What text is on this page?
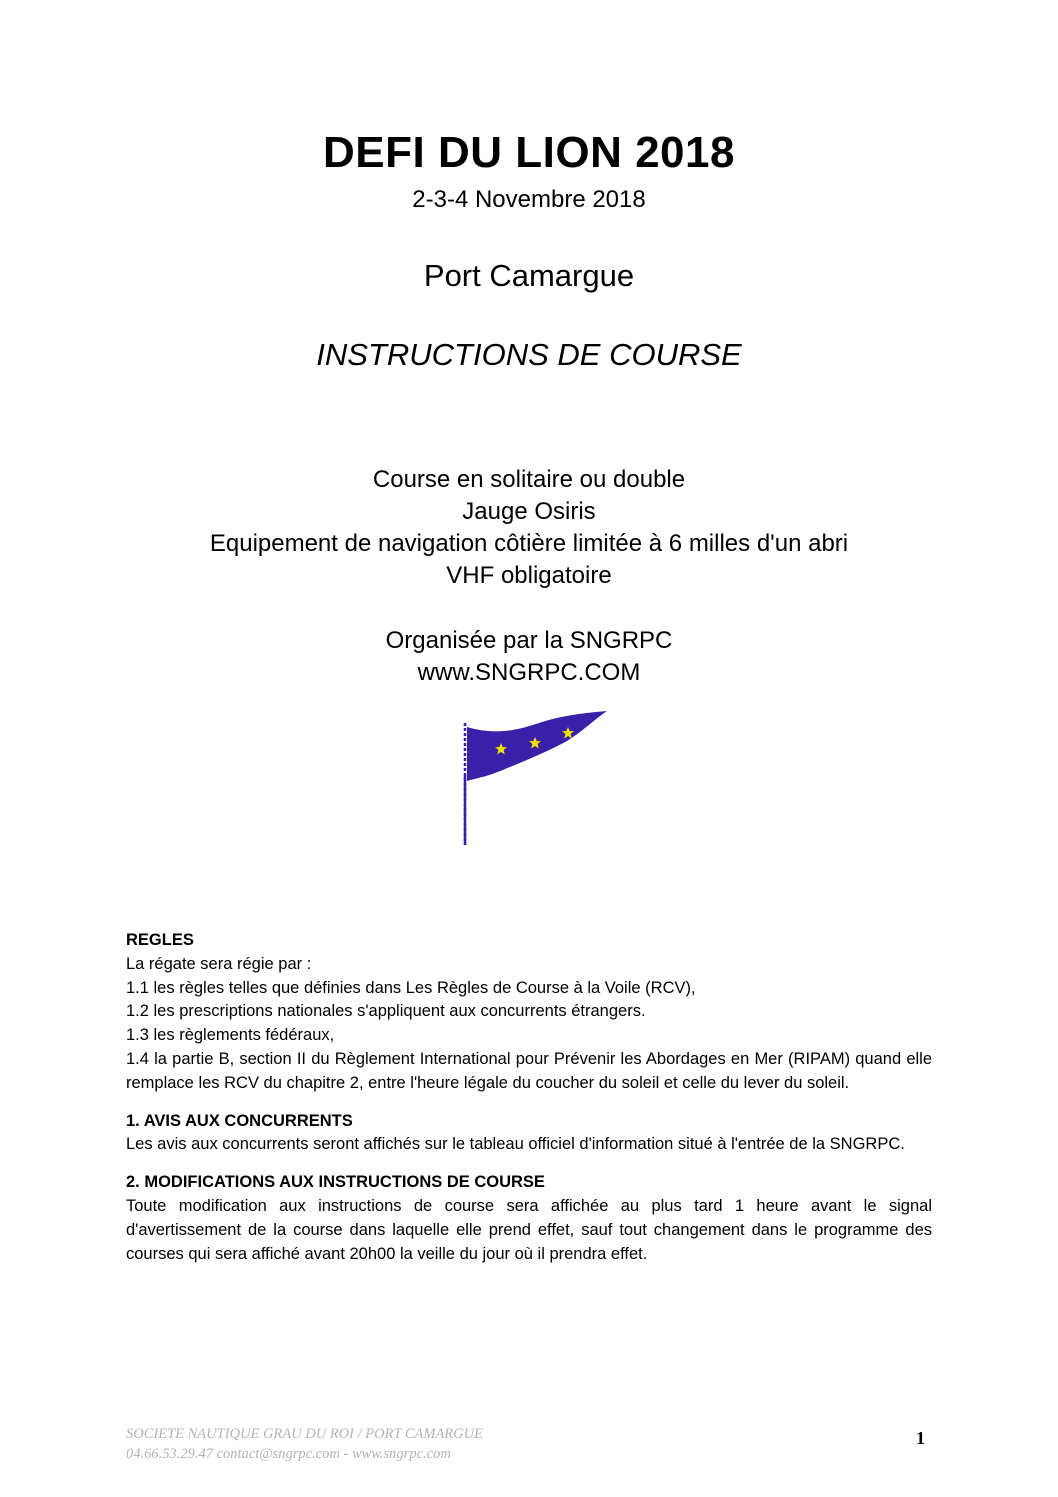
DEFI DU LION 2018
2-3-4 Novembre 2018
Port Camargue
INSTRUCTIONS DE COURSE
Course en solitaire ou double
Jauge Osiris
Equipement de navigation côtière limitée à 6 milles d'un abri
VHF obligatoire
Organisée par la SNGRPC
www.SNGRPC.COM

REGLES

La régate sera régie par :

1.1 les règles telles que définies dans Les Règles de Course à la Voile (RCV),

1.2 les prescriptions nationales s'appliquent aux concurrents étrangers.

1.3 les règlements fédéraux,

1.4 la partie B, section II du Règlement International pour Prévenir les Abordages en Mer (RIPAM) quand elle remplace les RCV du chapitre 2, entre l'heure légale du coucher du soleil et celle du lever du soleil.

1. AVIS AUX CONCURRENTS

Les avis aux concurrents seront affichés sur le tableau officiel d'information situé à l'entrée de la SNGRPC.

2. MODIFICATIONS AUX INSTRUCTIONS DE COURSE

Toute modification aux instructions de course sera affichée au plus tard 1 heure avant le signal d'avertissement de la course dans laquelle elle prend effet, sauf tout changement dans le programme des courses qui sera affiché avant 20h00 la veille du jour où il prendra effet.

SOCIETE NAUTIQUE GRAU DU ROI / PORT CAMARGUE
04.66.53.29.47 contact@sngrpc.com - www.sngrpc.com
1
